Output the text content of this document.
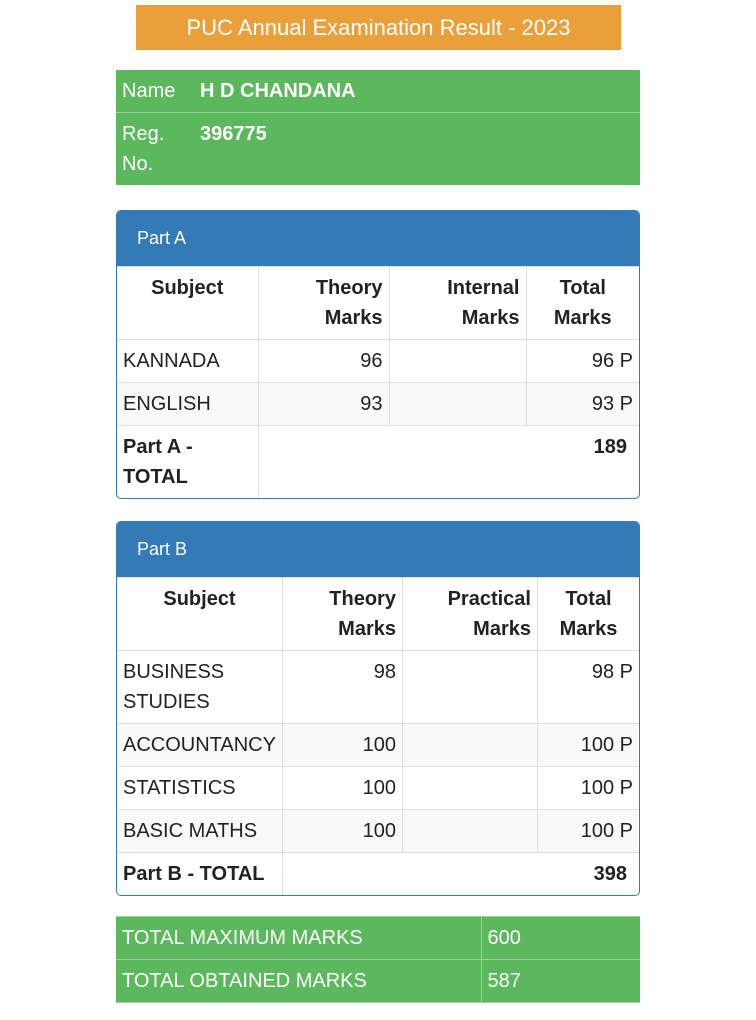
PUC Annual Examination Result - 2023
Name	H D CHANDANA
Reg. No.	396775
Part A
Subject	Theory Marks	Internal Marks	Total Marks
KANNADA	96		96 P
ENGLISH	93		93 P
Part A - TOTAL	189		
Part B
Subject	Theory Marks	Practical Marks	Total Marks
BUSINESS STUDIES	98		98 P
ACCOUNTANCY	100		100 P
STATISTICS	100		100 P
BASIC MATHS	100		100 P
Part B - TOTAL	398		
TOTAL MAXIMUM MARKS	600
TOTAL OBTAINED MARKS	587
